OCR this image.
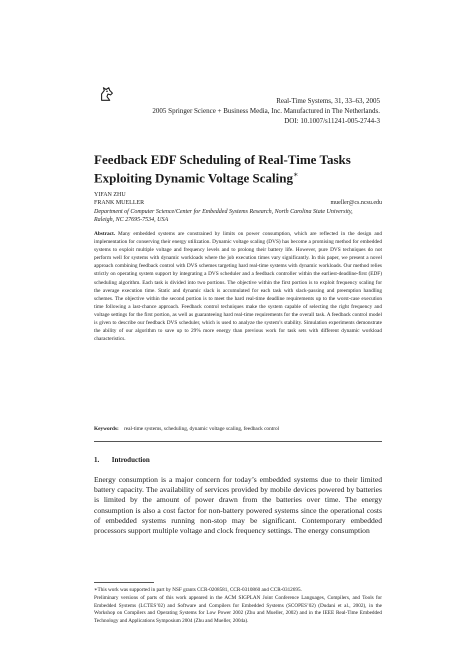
Real-Time Systems, 31, 33–63, 2005
2005 Springer Science + Business Media, Inc. Manufactured in The Netherlands.
DOI: 10.1007/s11241-005-2744-3
Feedback EDF Scheduling of Real-Time Tasks
Exploiting Dynamic Voltage Scaling∗
YIFAN ZHU
FRANK MUELLER	mueller@cs.ncsu.edu
Department of Computer Science/Center for Embedded Systems Research, North Carolina State University,
Raleigh, NC 27695-7534, USA
Abstract. Many embedded systems are constrained by limits on power consumption, which are reflected in the design and implementation for conserving their energy utilization. Dynamic voltage scaling (DVS) has become a promising method for embedded systems to exploit multiple voltage and frequency levels and to prolong their battery life. However, pure DVS techniques do not perform well for systems with dynamic workloads where the job execution times vary significantly. In this paper, we present a novel approach combining feedback control with DVS schemes targeting hard real-time systems with dynamic workloads. Our method relies strictly on operating system support by integrating a DVS scheduler and a feedback controller within the earliest-deadline-first (EDF) scheduling algorithm. Each task is divided into two portions. The objective within the first portion is to exploit frequency scaling for the average execution time. Static and dynamic slack is accumulated for each task with slack-passing and preemption handling schemes. The objective within the second portion is to meet the hard real-time deadline requirements up to the worst-case execution time following a last-chance approach. Feedback control techniques make the system capable of selecting the right frequency and voltage settings for the first portion, as well as guaranteeing hard real-time requirements for the overall task. A feedback control model is given to describe our feedback DVS scheduler, which is used to analyze the system’s stability. Simulation experiments demonstrate the ability of our algorithm to save up to 29% more energy than previous work for task sets with different dynamic workload characteristics.
Keywords: real-time systems, scheduling, dynamic voltage scaling, feedback control
1. Introduction
Energy consumption is a major concern for today’s embedded systems due to their limited battery capacity. The availability of services provided by mobile devices powered by batteries is limited by the amount of power drawn from the batteries over time. The energy consumption is also a cost factor for non-battery powered systems since the operational costs of embedded systems running non-stop may be significant. Contemporary embedded processors support multiple voltage and clock frequency settings. The energy consumption
∗This work was supported in part by NSF grants CCR-0208581, CCR-0310860 and CCR-0312695.
Preliminary versions of parts of this work appeared in the ACM SIGPLAN Joint Conference Languages, Compilers, and Tools for Embedded Systems (LCTES’02) and Software and Compilers for Embedded Systems (SCOPES’02) (Dudani et al., 2002), in the Workshop on Compilers and Operating Systems for Low Power 2002 (Zhu and Mueller, 2002) and in the IEEE Real-Time Embedded Technology and Applications Symposium 2004 (Zhu and Mueller, 2004a).
